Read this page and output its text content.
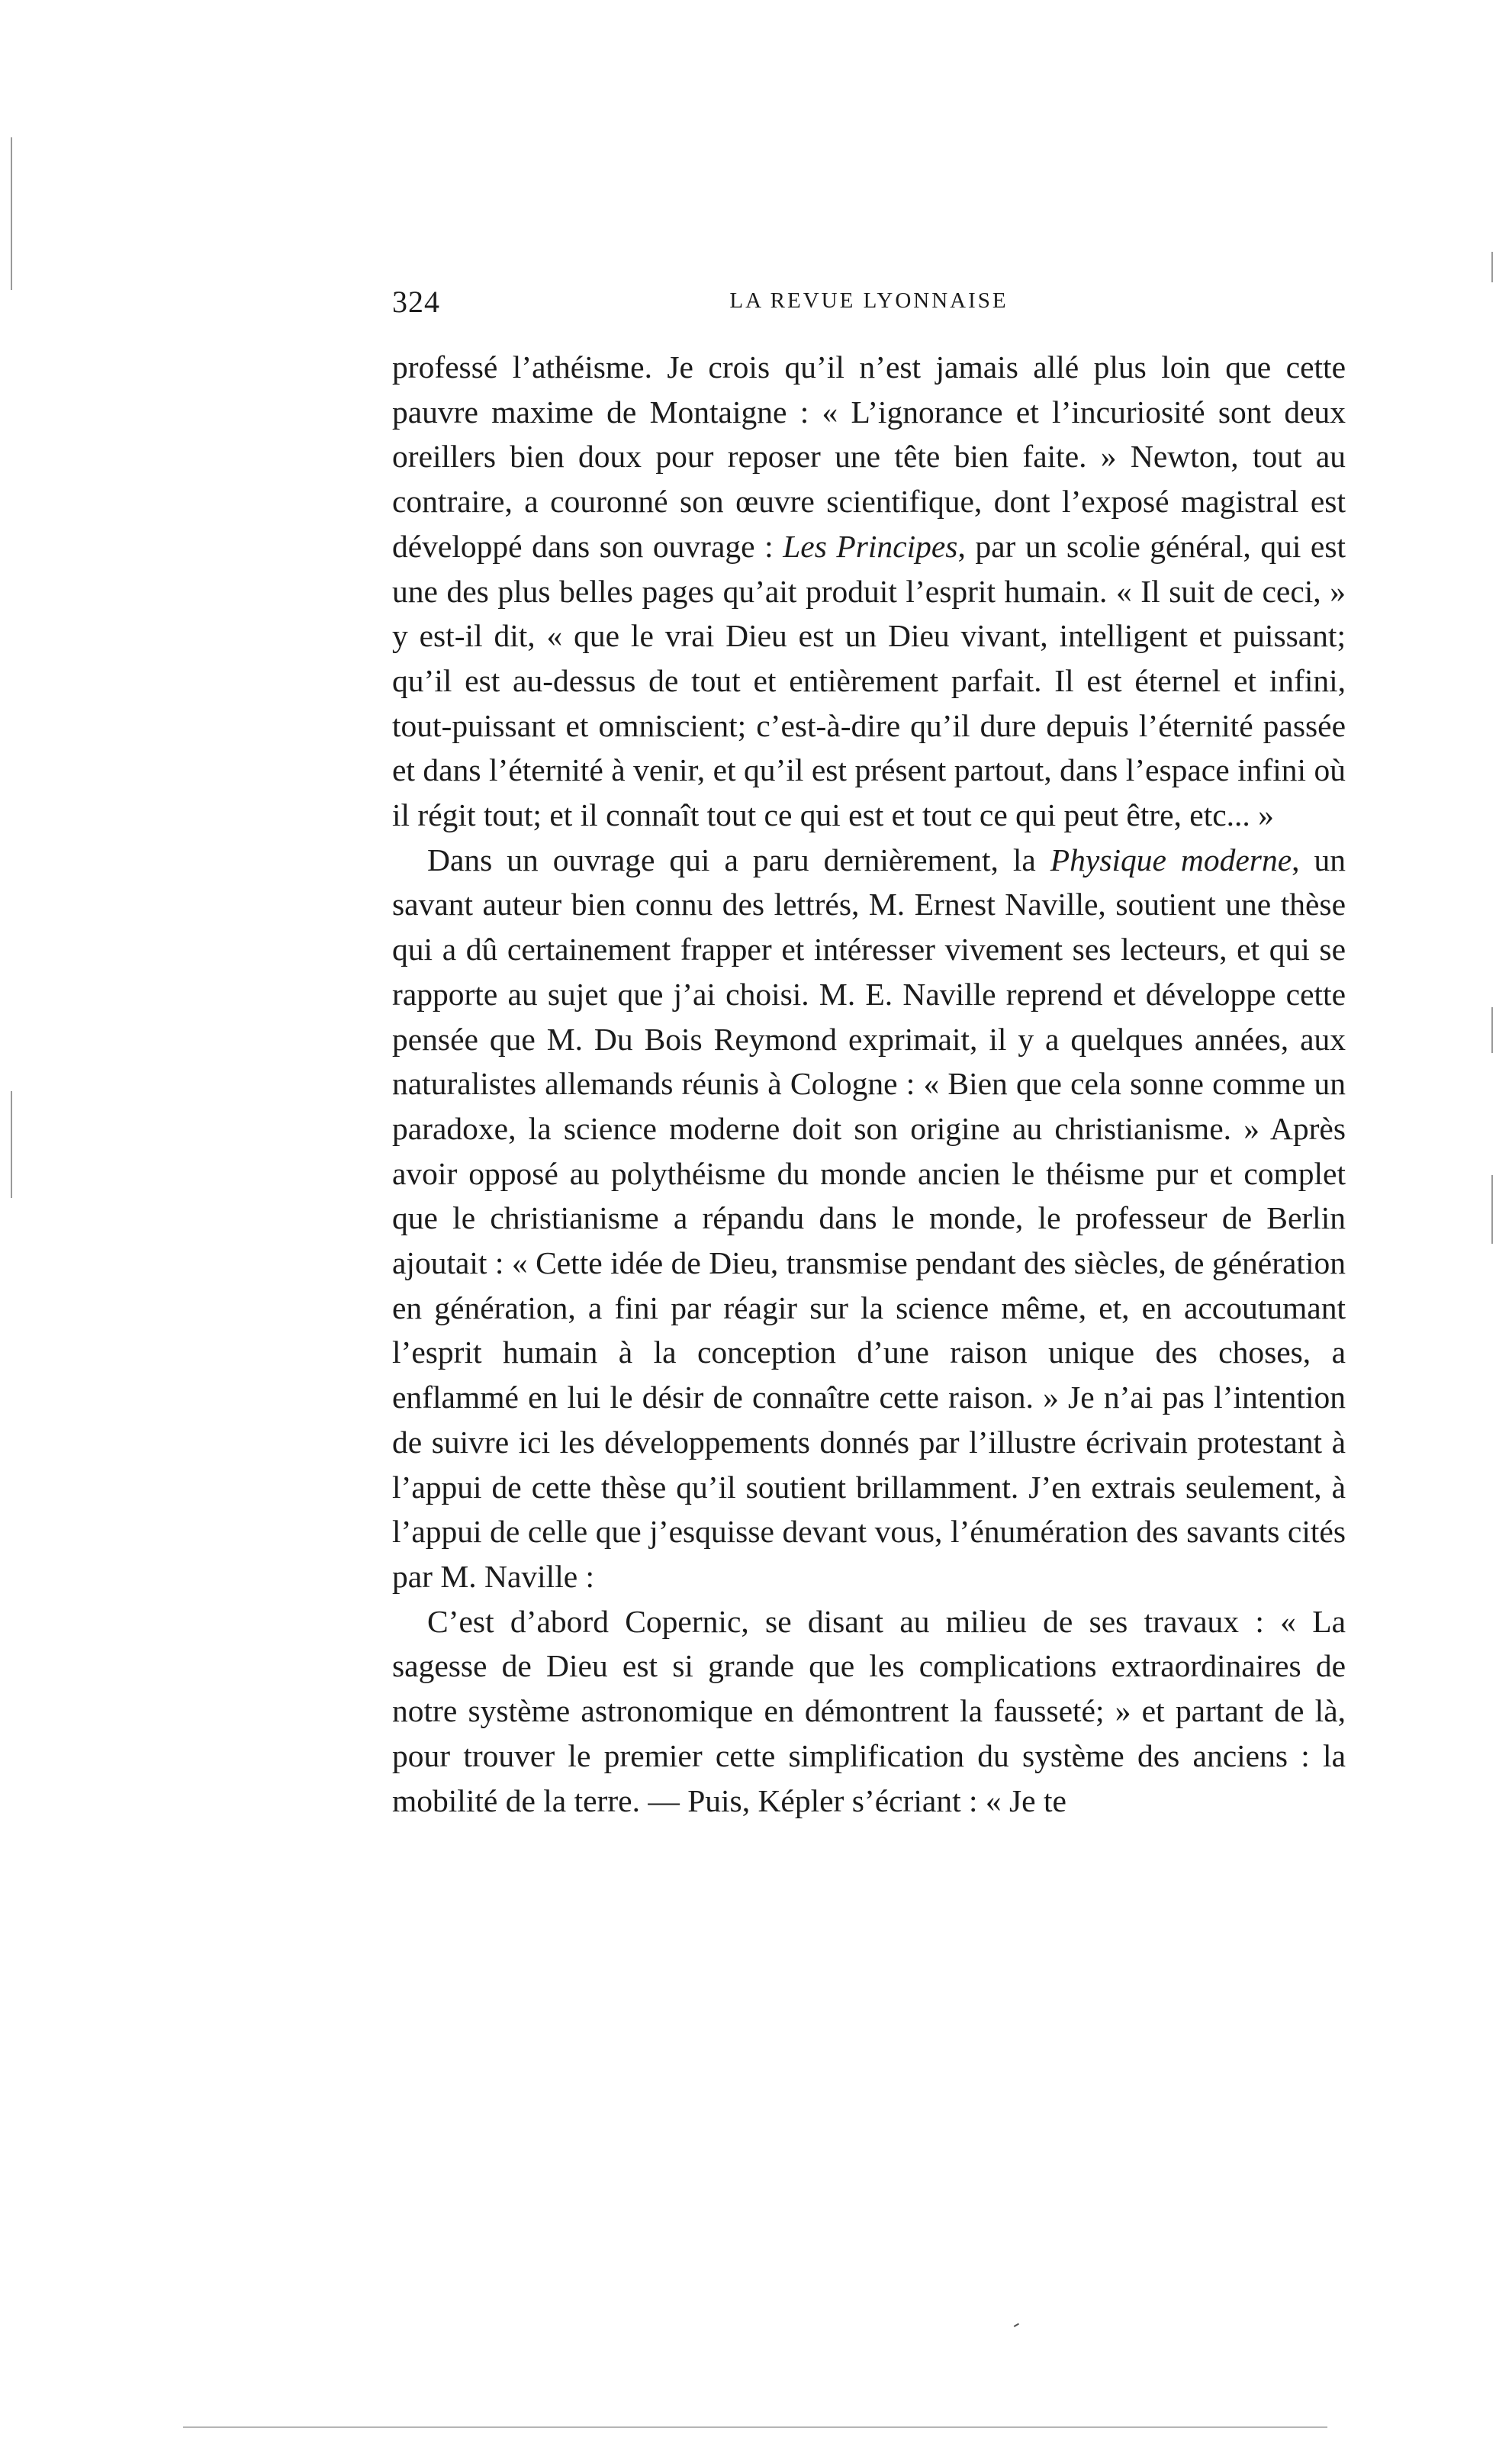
324	LA REVUE LYONNAISE

professé l’athéisme. Je crois qu’il n’est jamais allé plus loin que cette pauvre maxime de Montaigne : « L’ignorance et l’incuriosité sont deux oreillers bien doux pour reposer une tête bien faite. » Newton, tout au contraire, a couronné son œuvre scientifique, dont l’exposé magistral est développé dans son ouvrage : Les Principes, par un scolie général, qui est une des plus belles pages qu’ait produit l’esprit humain. « Il suit de ceci, » y est-il dit, « que le vrai Dieu est un Dieu vivant, intelligent et puissant; qu’il est au-dessus de tout et entièrement parfait. Il est éternel et infini, tout-puissant et omniscient; c’est-à-dire qu’il dure depuis l’éternité passée et dans l’éternité à venir, et qu’il est présent partout, dans l’espace infini où il régit tout; et il connaît tout ce qui est et tout ce qui peut être, etc... »

Dans un ouvrage qui a paru dernièrement, la Physique moderne, un savant auteur bien connu des lettrés, M. Ernest Naville, soutient une thèse qui a dû certainement frapper et intéresser vivement ses lecteurs, et qui se rapporte au sujet que j’ai choisi. M. E. Naville reprend et développe cette pensée que M. Du Bois Reymond exprimait, il y a quelques années, aux naturalistes allemands réunis à Cologne : « Bien que cela sonne comme un paradoxe, la science moderne doit son origine au christianisme. » Après avoir opposé au polythéisme du monde ancien le théisme pur et complet que le christianisme a répandu dans le monde, le professeur de Berlin ajoutait : « Cette idée de Dieu, transmise pendant des siècles, de génération en génération, a fini par réagir sur la science même, et, en accoutumant l’esprit humain à la conception d’une raison unique des choses, a enflammé en lui le désir de connaître cette raison. » Je n’ai pas l’intention de suivre ici les développements donnés par l’illustre écrivain protestant à l’appui de cette thèse qu’il soutient brillamment. J’en extrais seulement, à l’appui de celle que j’esquisse devant vous, l’énumération des savants cités par M. Naville :

C’est d’abord Copernic, se disant au milieu de ses travaux : « La sagesse de Dieu est si grande que les complications extraordinaires de notre système astronomique en démontrent la fausseté; » et partant de là, pour trouver le premier cette simplification du système des anciens : la mobilité de la terre. — Puis, Képler s’écriant : « Je te

-
